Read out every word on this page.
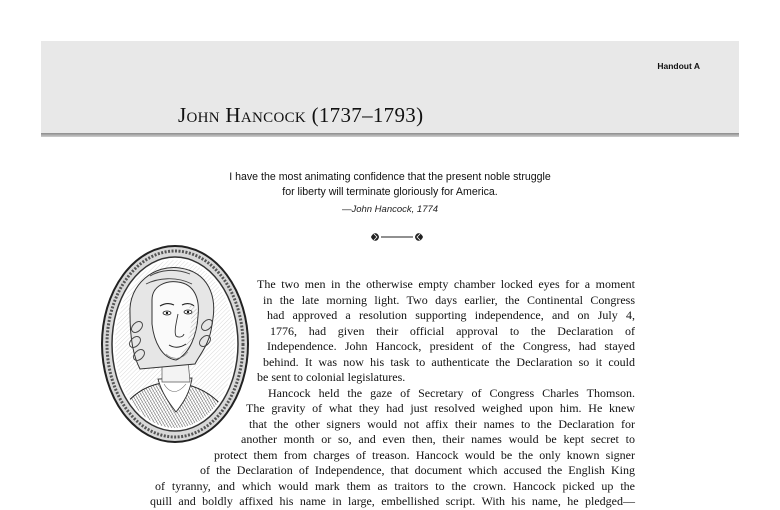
Handout A
John Hancock (1737–1793)

I have the most animating confidence that the present noble struggle
for liberty will terminate gloriously for America.

—John Hancock, 1774

The two men in the otherwise empty chamber locked eyes for a moment
in the late morning light. Two days earlier, the Continental Congress
had approved a resolution supporting independence, and on July 4,
1776, had given their official approval to the Declaration of
Independence. John Hancock, president of the Congress, had stayed
behind. It was now his task to authenticate the Declaration so it could
be sent to colonial legislatures.
Hancock held the gaze of Secretary of Congress Charles Thomson.
The gravity of what they had just resolved weighed upon him. He knew
that the other signers would not affix their names to the Declaration for
another month or so, and even then, their names would be kept secret to
protect them from charges of treason. Hancock would be the only known signer
of the Declaration of Independence, that document which accused the English King
of tyranny, and which would mark them as traitors to the crown. Hancock picked up the
quill and boldly affixed his name in large, embellished script. With his name, he pledged—
